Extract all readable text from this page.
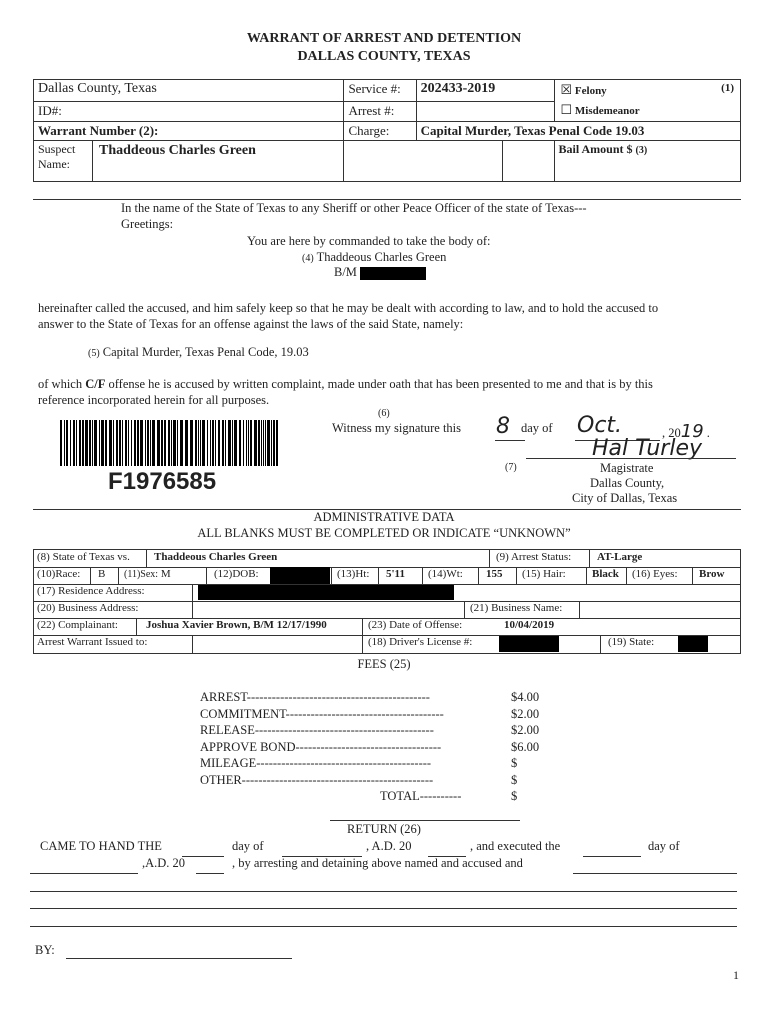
WARRANT OF ARREST AND DETENTION
DALLAS COUNTY, TEXAS
Dallas County, Texas	Service #:	202433-2019	☒ Felony (1)
☐ Misdemeanor

ID#:	Arrest #:		
Warrant Number (2):	Charge:	Capital Murder, Texas Penal Code 19.03	

Suspect Name:
Thaddeous Charles Green			Bail Amount $ (3)
In the name of the State of Texas to any Sheriff or other Peace Officer of the state of Texas---
Greetings:
You are here by commanded to take the body of:
(4) Thaddeous Charles Green
B/M
hereinafter called the accused, and him safely keep so that he may be dealt with according to law, and to hold the accused to
answer to the State of Texas for an offense against the laws of the said State, namely:
(5) Capital Murder, Texas Penal Code, 19.03
of which C/F offense he is accused by written complaint, made under oath that has been presented to me and that is by this
reference incorporated herein for all purposes.
F1976585
(6)
Witness my signature this 8 day of Oct.	, 2019 .
Hal Turley
(7)	Magistrate
Dallas County,
City of Dallas, Texas
ADMINISTRATIVE DATA
ALL BLANKS MUST BE COMPLETED OR INDICATE “UNKNOWN”
(8) State of Texas vs. Thaddeous Charles Green	(9) Arrest Status: AT-Large
(10)Race: B (11)Sex: M	(12)DOB:	(13)Ht: 5'11 (14)Wt: 155 (15) Hair: Black (16) Eyes: Brow
(17) Residence Address:
(20) Business Address:	(21) Business Name:
(22) Complainant:	Joshua Xavier Brown, B/M 12/17/1990	(23) Date of Offense:	10/04/2019
Arrest Warrant Issued to:	(18) Driver's License #:	(19) State:
FEES (25)
ARREST--------------------------------------------	$4.00
COMMITMENT--------------------------------------	$2.00
RELEASE-------------------------------------------	$2.00
APPROVE BOND-----------------------------------	$6.00
MILEAGE------------------------------------------	$
OTHER----------------------------------------------	$
TOTAL----------	$
RETURN (26)
CAME TO HAND THE	day of	, A.D. 20	, and executed the	day of
,A.D. 20	, by arresting and detaining above named and accused and
BY:
1
